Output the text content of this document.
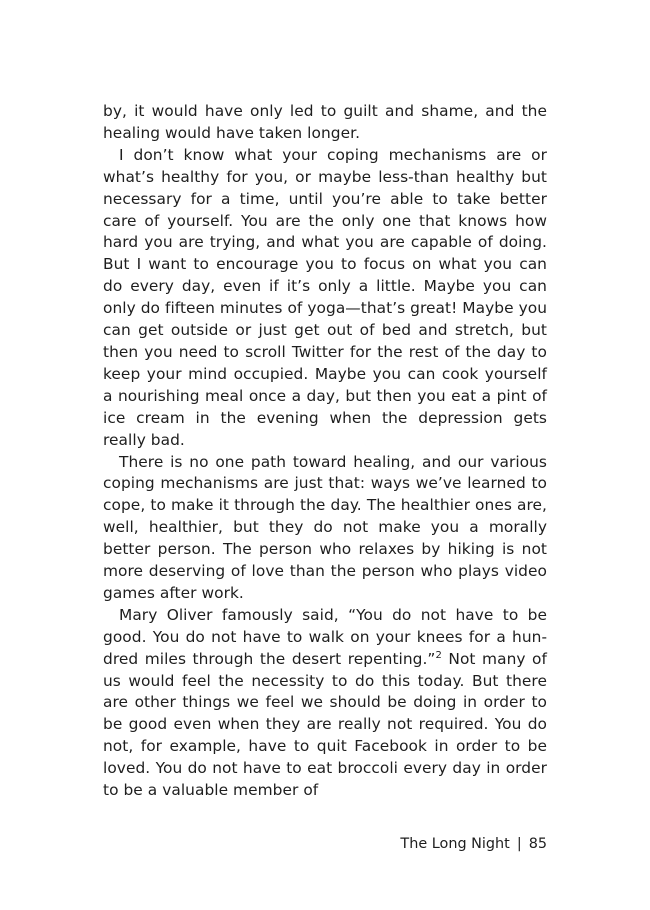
by, it would have only led to guilt and shame, and the healing would have taken longer.

I don’t know what your coping mechanisms are or what’s healthy for you, or maybe less-than healthy but necessary for a time, until you’re able to take better care of yourself. You are the only one that knows how hard you are trying, and what you are capable of doing. But I want to encourage you to focus on what you can do every day, even if it’s only a little. Maybe you can only do fifteen minutes of yoga—that’s great! Maybe you can get outside or just get out of bed and stretch, but then you need to scroll Twitter for the rest of the day to keep your mind occupied. Maybe you can cook yourself a nourishing meal once a day, but then you eat a pint of ice cream in the evening when the depression gets really bad.

There is no one path toward healing, and our various coping mechanisms are just that: ways we’ve learned to cope, to make it through the day. The healthier ones are, well, healthier, but they do not make you a morally better person. The person who relaxes by hiking is not more deserving of love than the person who plays video games after work.

Mary Oliver famously said, “You do not have to be good. You do not have to walk on your knees for a hundred miles through the desert repenting.”$^2$ Not many of us would feel the necessity to do this today. But there are other things we feel we should be doing in order to be good even when they are really not required. You do not, for example, have to quit Facebook in order to be loved. You do not have to eat broccoli every day in order to be a valuable member of

The Long Night | 85
